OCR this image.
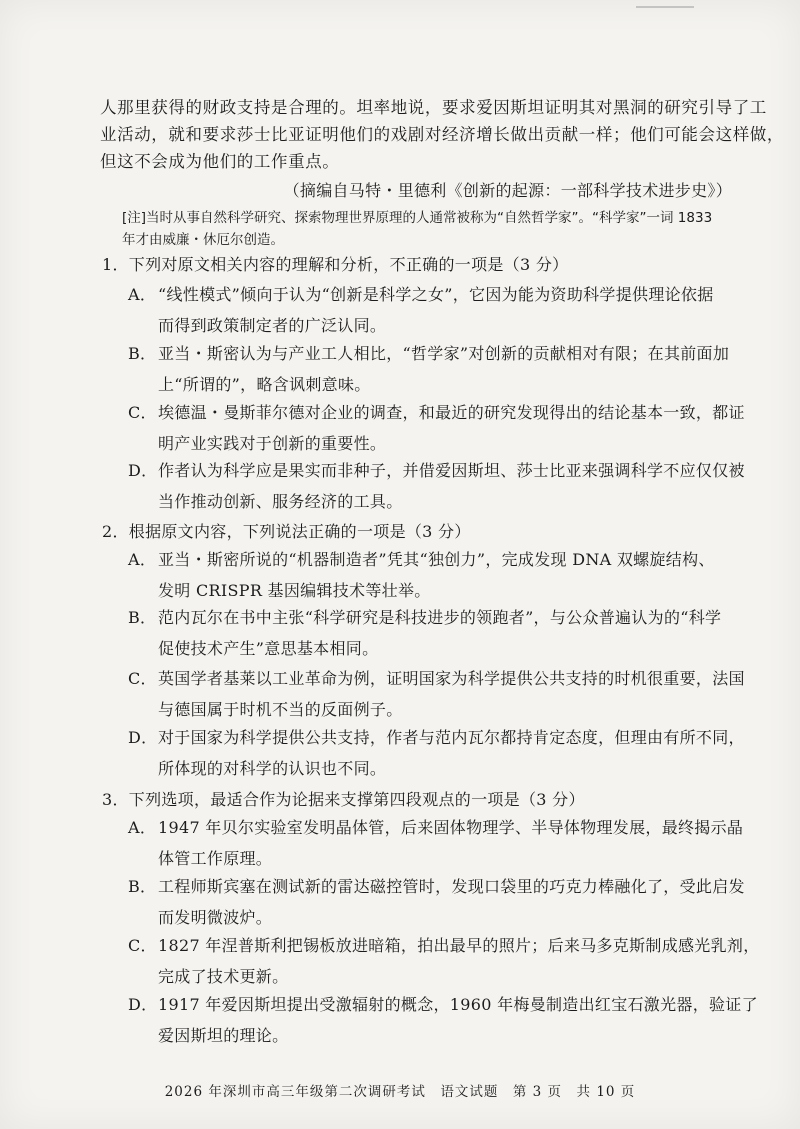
人那里获得的财政支持是合理的。坦率地说，要求爱因斯坦证明其对黑洞的研究引导了工
业活动，就和要求莎士比亚证明他们的戏剧对经济增长做出贡献一样；他们可能会这样做，
但这不会成为他们的工作重点。
（摘编自马特・里德利《创新的起源：一部科学技术进步史》）
[注]当时从事自然科学研究、探索物理世界原理的人通常被称为“自然哲学家”。“科学家”一词 1833
年才由威廉・休厄尔创造。
1．下列对原文相关内容的理解和分析，不正确的一项是（3 分）
A． “线性模式”倾向于认为“创新是科学之女”，它因为能为资助科学提供理论依据
而得到政策制定者的广泛认同。
B． 亚当・斯密认为与产业工人相比，“哲学家”对创新的贡献相对有限；在其前面加
上“所谓的”，略含讽刺意味。
C． 埃德温・曼斯菲尔德对企业的调查，和最近的研究发现得出的结论基本一致，都证
明产业实践对于创新的重要性。
D． 作者认为科学应是果实而非种子，并借爱因斯坦、莎士比亚来强调科学不应仅仅被
当作推动创新、服务经济的工具。
2．根据原文内容，下列说法正确的一项是（3 分）
A． 亚当・斯密所说的“机器制造者”凭其“独创力”，完成发现 DNA 双螺旋结构、
发明 CRISPR 基因编辑技术等壮举。
B． 范内瓦尔在书中主张“科学研究是科技进步的领跑者”，与公众普遍认为的“科学
促使技术产生”意思基本相同。
C． 英国学者基莱以工业革命为例，证明国家为科学提供公共支持的时机很重要，法国
与德国属于时机不当的反面例子。
D． 对于国家为科学提供公共支持，作者与范内瓦尔都持肯定态度，但理由有所不同，
所体现的对科学的认识也不同。
3．下列选项，最适合作为论据来支撑第四段观点的一项是（3 分）
A． 1947 年贝尔实验室发明晶体管，后来固体物理学、半导体物理发展，最终揭示晶
体管工作原理。
B． 工程师斯宾塞在测试新的雷达磁控管时，发现口袋里的巧克力棒融化了，受此启发
而发明微波炉。
C． 1827 年涅普斯利把锡板放进暗箱，拍出最早的照片；后来马多克斯制成感光乳剂，
完成了技术更新。
D． 1917 年爱因斯坦提出受激辐射的概念，1960 年梅曼制造出红宝石激光器，验证了
爱因斯坦的理论。
2026 年深圳市高三年级第二次调研考试　语文试题　第 3 页　共 10 页
